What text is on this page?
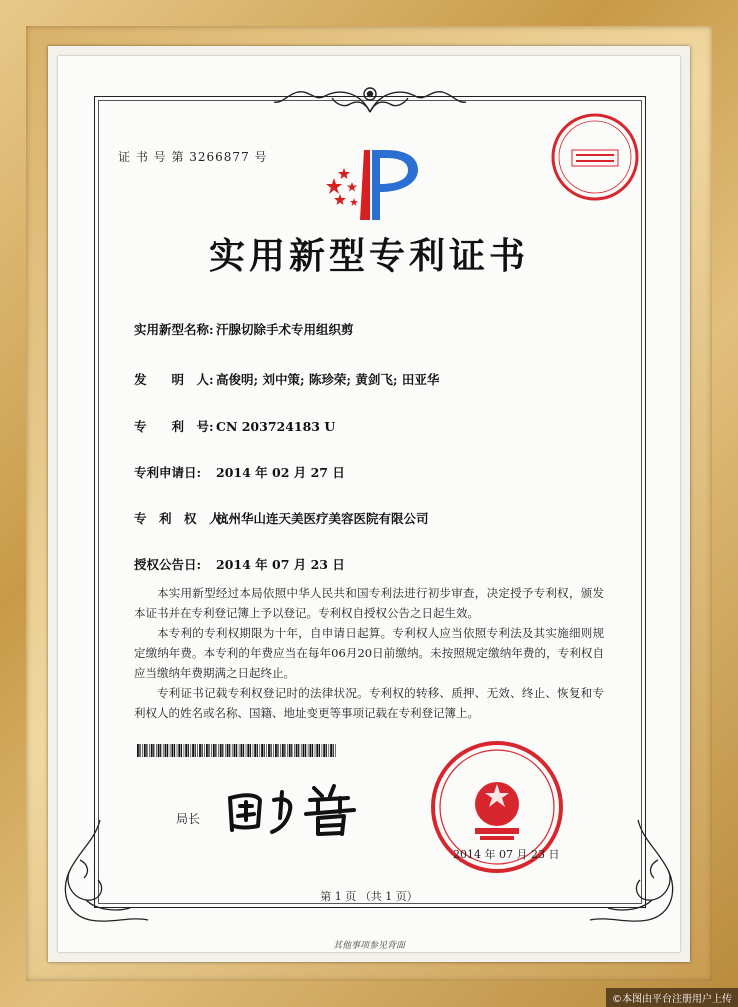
证 书 号 第 3266877 号
实用新型专利证书
实用新型名称: 汗腺切除手术专用组织剪
发　　明　人: 高俊明; 刘中策; 陈珍荣; 黄剑飞; 田亚华
专　　利　号: CN 203724183 U
专利申请日: 2014 年 02 月 27 日
专　利　权　人:杭州华山连天美医疗美容医院有限公司
授权公告日: 2014 年 07 月 23 日

本实用新型经过本局依照中华人民共和国专利法进行初步审查，决定授予专利权，颁发本证书并在专利登记簿上予以登记。专利权自授权公告之日起生效。

本专利的专利权期限为十年，自申请日起算。专利权人应当依照专利法及其实施细则规定缴纳年费。本专利的年费应当在每年06月20日前缴纳。未按照规定缴纳年费的，专利权自应当缴纳年费期满之日起终止。

专利证书记载专利权登记时的法律状况。专利权的转移、质押、无效、终止、恢复和专利权人的姓名或名称、国籍、地址变更等事项记载在专利登记簿上。

局长
2014 年 07 月 23 日
第 1 页 （共 1 页）
其他事项参见背面
©本图由平台注册用户上传
